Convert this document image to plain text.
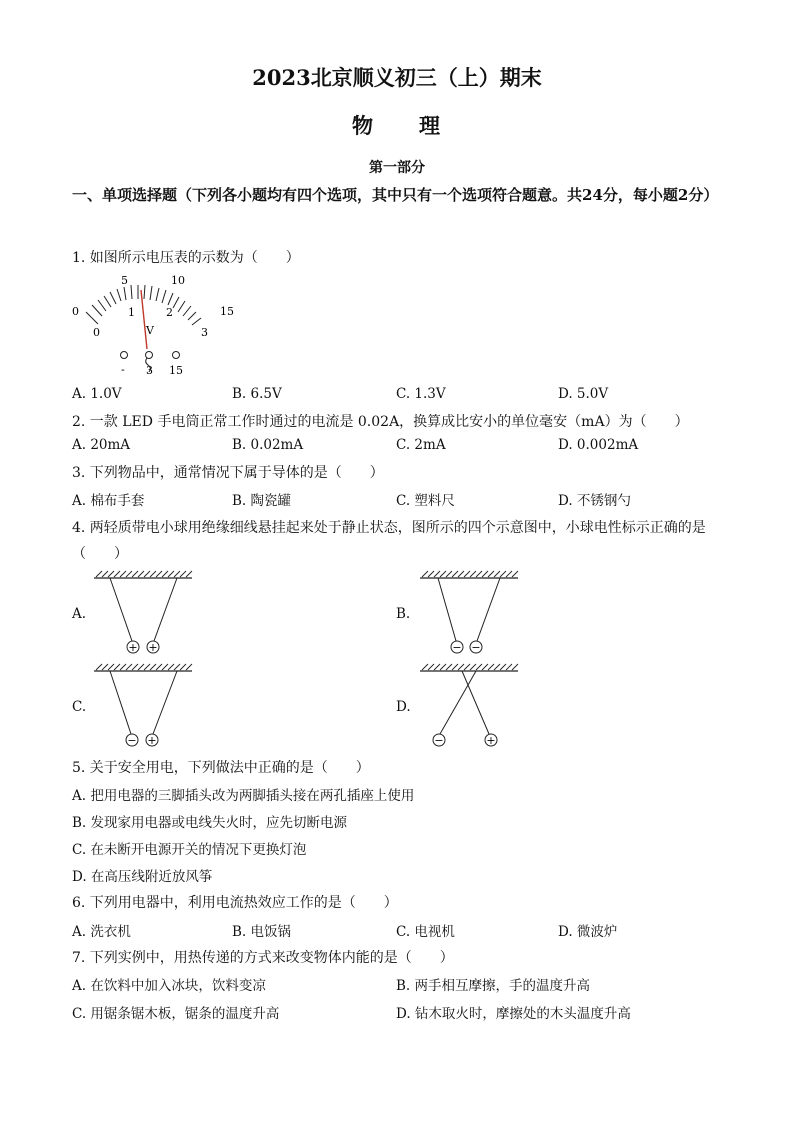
2023北京顺义初三（上）期末
物 理
第一部分
一、单项选择题（下列各小题均有四个选项，其中只有一个选项符合题意。共24分，每小题2分）
1. 如图所示电压表的示数为（　　）
0
5	10
15
0
1	2
3
V
- 3 15
A. 1.0V	B. 6.5V	C. 1.3V	D. 5.0V
2. 一款 LED 手电筒正常工作时通过的电流是 0.02A，换算成比安小的单位毫安（mA）为（　　）
A. 20mA	B. 0.02mA	C. 2mA	D. 0.002mA
3. 下列物品中，通常情况下属于导体的是（　　）
A. 棉布手套	B. 陶瓷罐	C. 塑料尺	D. 不锈钢勺
4. 两轻质带电小球用绝缘细线悬挂起来处于静止状态，图所示的四个示意图中，小球电性标示正确的是
（　　）
A.	B.
C.	D.
+ +	− −
− +	−	+
5. 关于安全用电，下列做法中正确的是（　　）
A. 把用电器的三脚插头改为两脚插头接在两孔插座上使用
B. 发现家用电器或电线失火时，应先切断电源
C. 在未断开电源开关的情况下更换灯泡
D. 在高压线附近放风筝
6. 下列用电器中，利用电流热效应工作的是（　　）
A. 洗衣机	B. 电饭锅	C. 电视机	D. 微波炉
7. 下列实例中，用热传递的方式来改变物体内能的是（　　）
A. 在饮料中加入冰块，饮料变凉	B. 两手相互摩擦，手的温度升高
C. 用锯条锯木板，锯条的温度升高	D. 钻木取火时，摩擦处的木头温度升高
